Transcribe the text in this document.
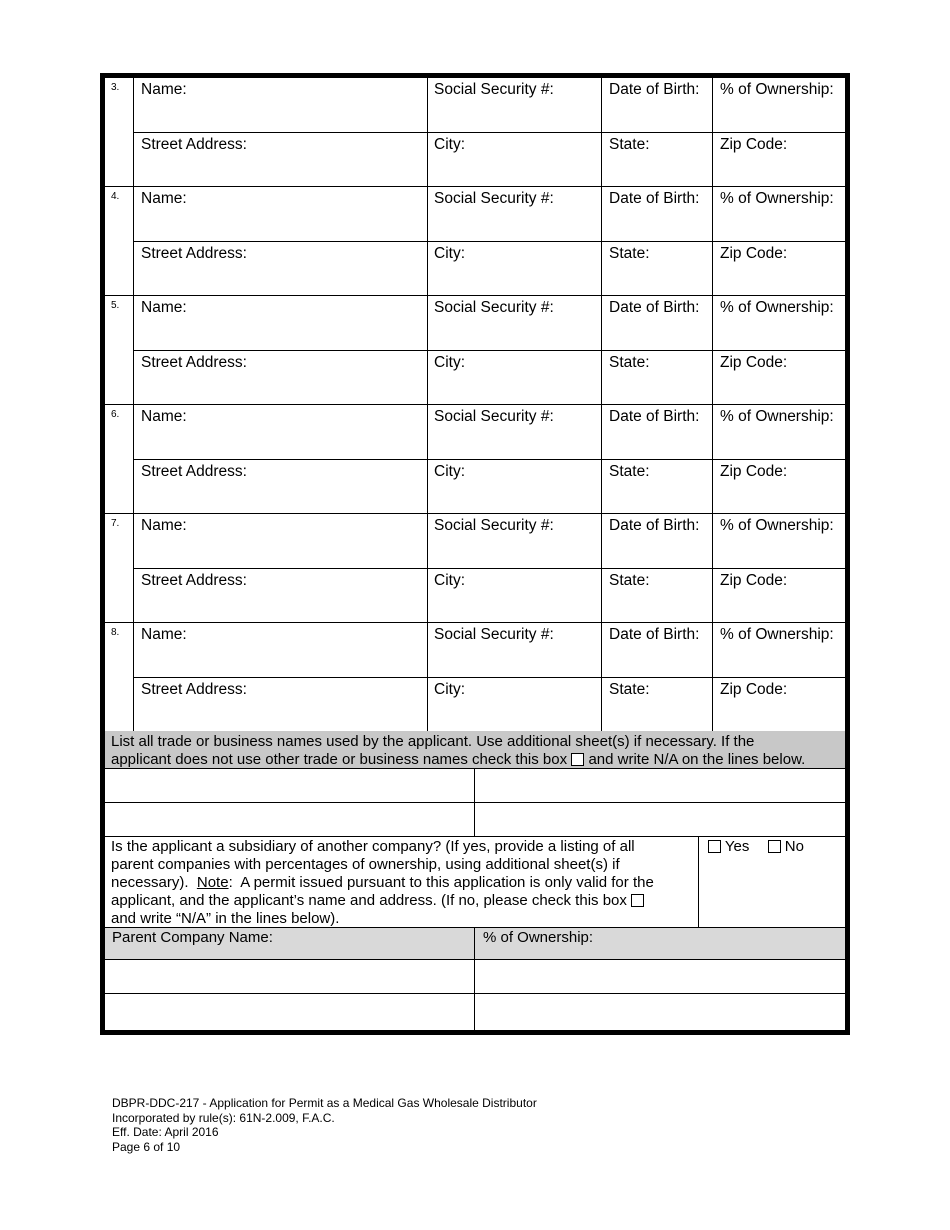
3. Name:	Social Security #:	Date of Birth: % of Ownership:
Street Address:	City:	State:	Zip Code:
4. Name:	Social Security #:	Date of Birth: % of Ownership:
Street Address:	City:	State:	Zip Code:
5. Name:	Social Security #:	Date of Birth: % of Ownership:
Street Address:	City:	State:	Zip Code:
6. Name:	Social Security #:	Date of Birth: % of Ownership:
Street Address:	City:	State:	Zip Code:
7. Name:	Social Security #:	Date of Birth: % of Ownership:
Street Address:	City:	State:	Zip Code:
8. Name:	Social Security #:	Date of Birth: % of Ownership:
Street Address:	City:	State:	Zip Code:
List all trade or business names used by the applicant. Use additional sheet(s) if necessary. If the
applicant does not use other trade or business names check this box and write N/A on the lines below.
Is the applicant a subsidiary of another company? (If yes, provide a listing of all
parent companies with percentages of ownership, using additional sheet(s) if
necessary).  Note:  A permit issued pursuant to this application is only valid for the
applicant, and the applicant’s name and address. (If no, please check this box
and write “N/A” in the lines below).
Yes No
Parent Company Name:	% of Ownership:
DBPR-DDC-217 - Application for Permit as a Medical Gas Wholesale Distributor
Incorporated by rule(s): 61N-2.009, F.A.C.
Eff. Date: April 2016
Page 6 of 10
